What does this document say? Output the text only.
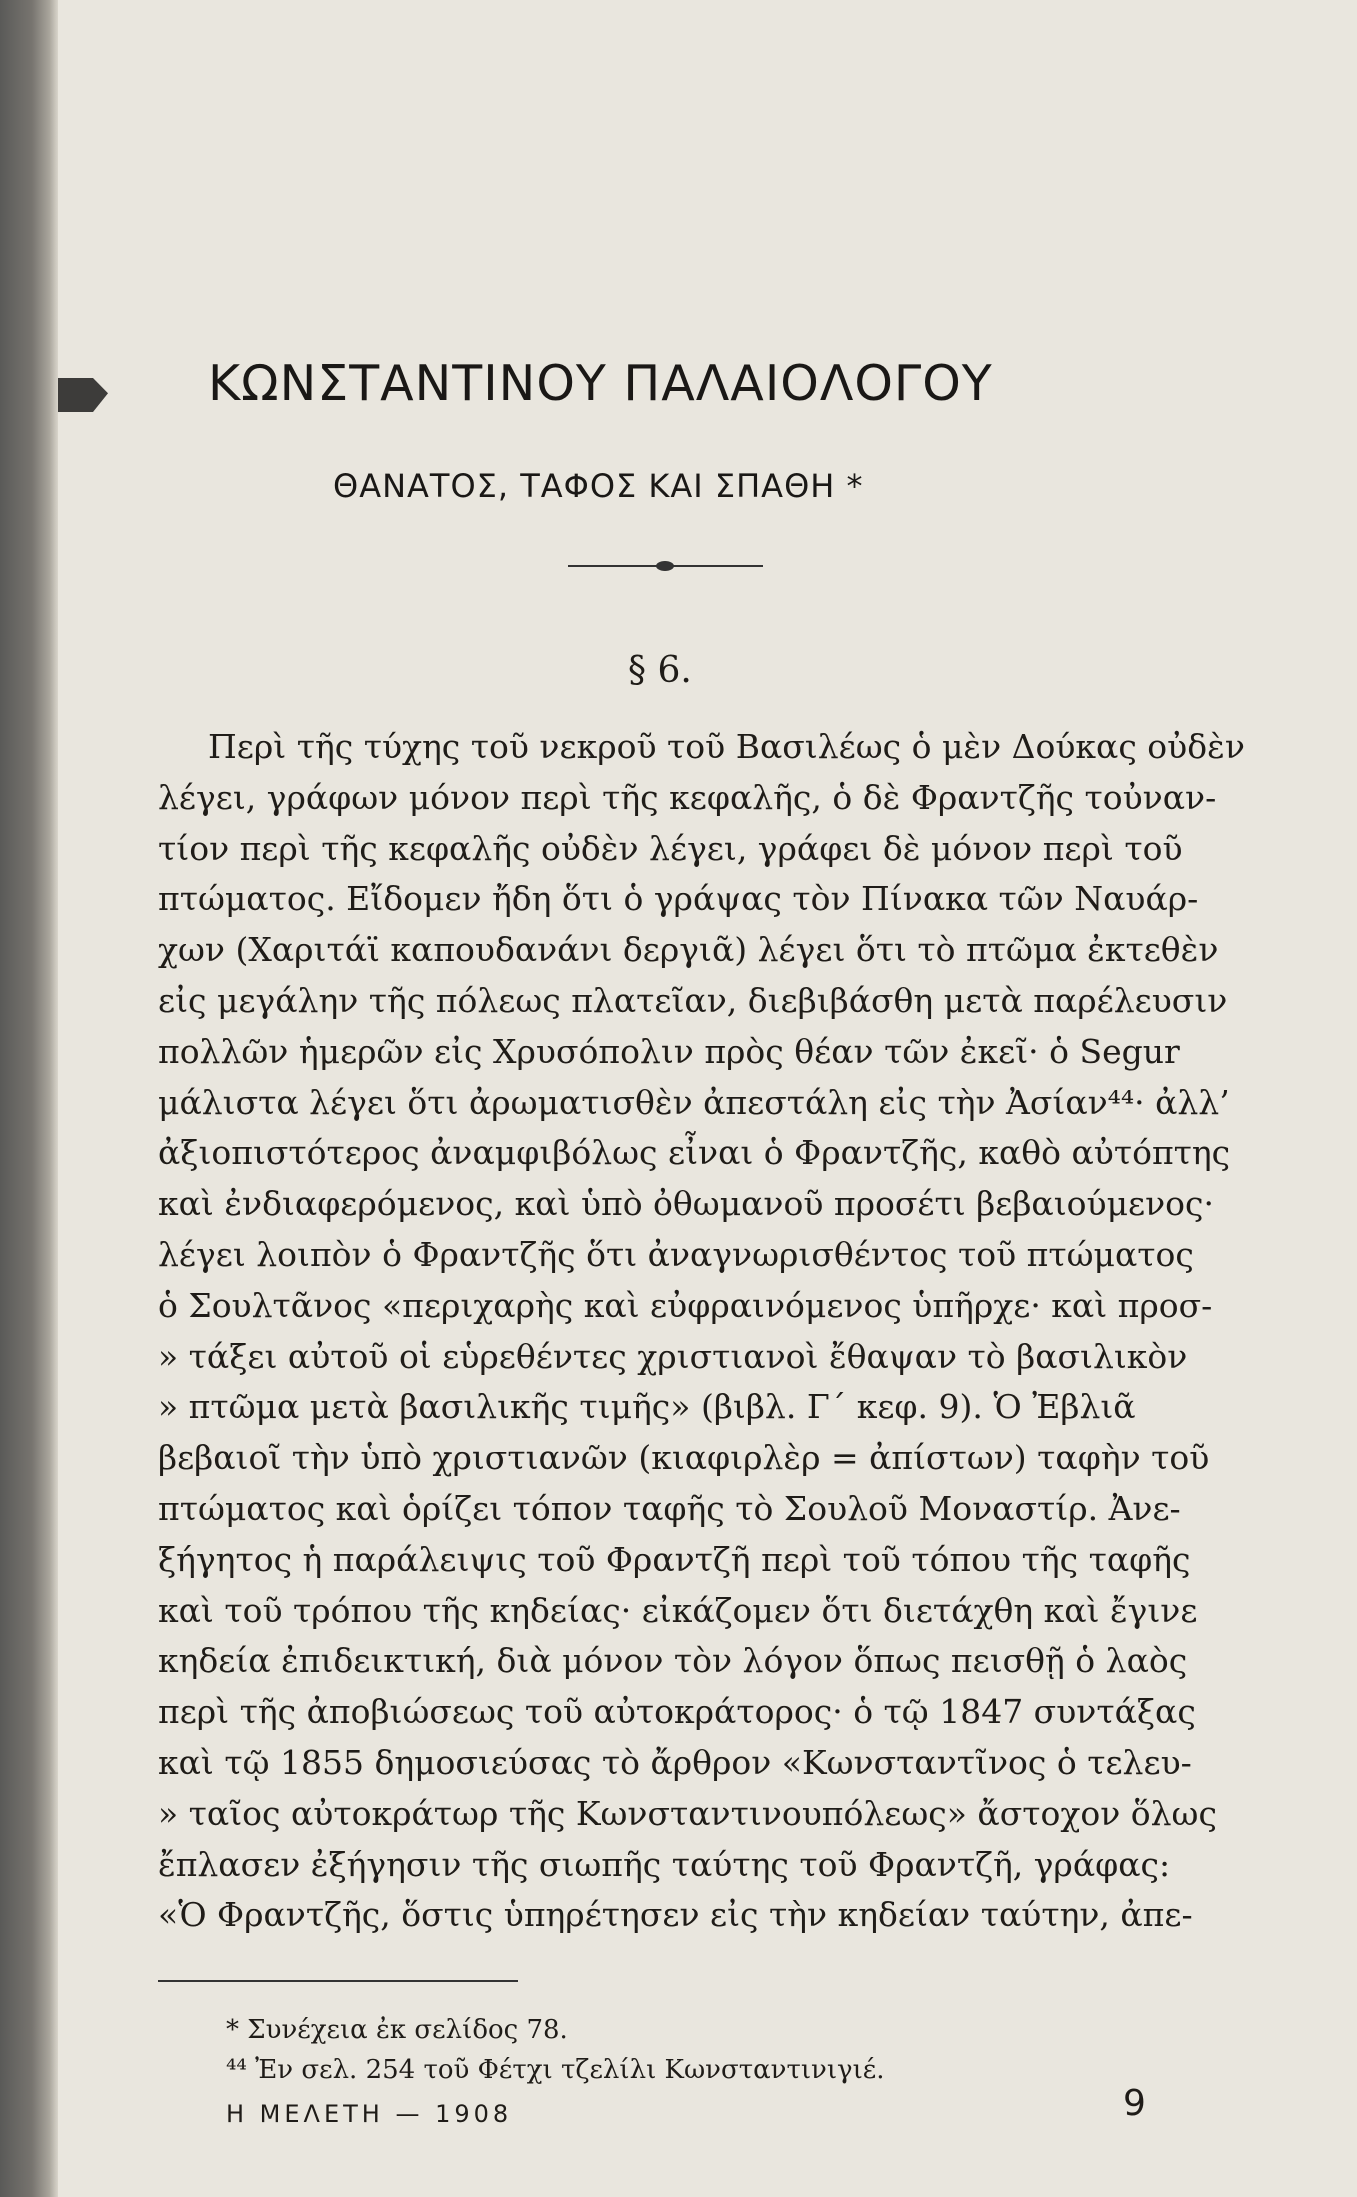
ΚΩΝΣΤΑΝΤΙΝΟΥ ΠΑΛΑΙΟΛΟΓΟΥ
ΘΑΝΑΤΟΣ, ΤΑΦΟΣ ΚΑΙ ΣΠΑΘΗ *

§ 6.

Περὶ τῆς τύχης τοῦ νεκροῦ τοῦ Βασιλέως ὁ μὲν Δούκας οὐδὲν
λέγει, γράφων μόνον περὶ τῆς κεφαλῆς, ὁ δὲ Φραντζῆς τοὐναν-
τίον περὶ τῆς κεφαλῆς οὐδὲν λέγει, γράφει δὲ μόνον περὶ τοῦ
πτώματος. Εἴδομεν ἤδη ὅτι ὁ γράψας τὸν Πίνακα τῶν Ναυάρ-
χων (Χαριτάϊ καπουδανάνι δεργιᾶ) λέγει ὅτι τὸ πτῶμα ἐκτεθὲν
εἰς μεγάλην τῆς πόλεως πλατεῖαν, διεβιβάσθη μετὰ παρέλευσιν
πολλῶν ἡμερῶν εἰς Χρυσόπολιν πρὸς θέαν τῶν ἐκεῖ· ὁ Segur
μάλιστα λέγει ὅτι ἀρωματισθὲν ἀπεστάλη εἰς τὴν Ἀσίαν⁴⁴· ἀλλ’
ἀξιοπιστότερος ἀναμφιβόλως εἶναι ὁ Φραντζῆς, καθὸ αὐτόπτης
καὶ ἐνδιαφερόμενος, καὶ ὑπὸ ὀθωμανοῦ προσέτι βεβαιούμενος·
λέγει λοιπὸν ὁ Φραντζῆς ὅτι ἀναγνωρισθέντος τοῦ πτώματος
ὁ Σουλτᾶνος «περιχαρὴς καὶ εὐφραινόμενος ὑπῆρχε· καὶ προσ-
» τάξει αὐτοῦ οἱ εὑρεθέντες χριστιανοὶ ἔθαψαν τὸ βασιλικὸν
» πτῶμα μετὰ βασιλικῆς τιμῆς» (βιβλ. Γ΄ κεφ. 9). Ὁ Ἐβλιᾶ
βεβαιοῖ τὴν ὑπὸ χριστιανῶν (κιαφιρλὲρ = ἀπίστων) ταφὴν τοῦ
πτώματος καὶ ὁρίζει τόπον ταφῆς τὸ Σουλοῦ Μοναστίρ. Ἀνε-
ξήγητος ἡ παράλειψις τοῦ Φραντζῆ περὶ τοῦ τόπου τῆς ταφῆς
καὶ τοῦ τρόπου τῆς κηδείας· εἰκάζομεν ὅτι διετάχθη καὶ ἔγινε
κηδεία ἐπιδεικτική, διὰ μόνον τὸν λόγον ὅπως πεισθῇ ὁ λαὸς
περὶ τῆς ἀποβιώσεως τοῦ αὐτοκράτορος· ὁ τῷ 1847 συντάξας
καὶ τῷ 1855 δημοσιεύσας τὸ ἄρθρον «Κωνσταντῖνος ὁ τελευ-
» ταῖος αὐτοκράτωρ τῆς Κωνσταντινουπόλεως» ἄστοχον ὅλως
ἔπλασεν ἐξήγησιν τῆς σιωπῆς ταύτης τοῦ Φραντζῆ, γράφας:
«Ὁ Φραντζῆς, ὅστις ὑπηρέτησεν εἰς τὴν κηδείαν ταύτην, ἀπε-
* Συνέχεια ἐκ σελίδος 78.
⁴⁴ Ἐν σελ. 254 τοῦ Φέτχι τζελίλι Κωνσταντινιγιέ.

Η ΜΕΛΕΤΗ — 1908	9
